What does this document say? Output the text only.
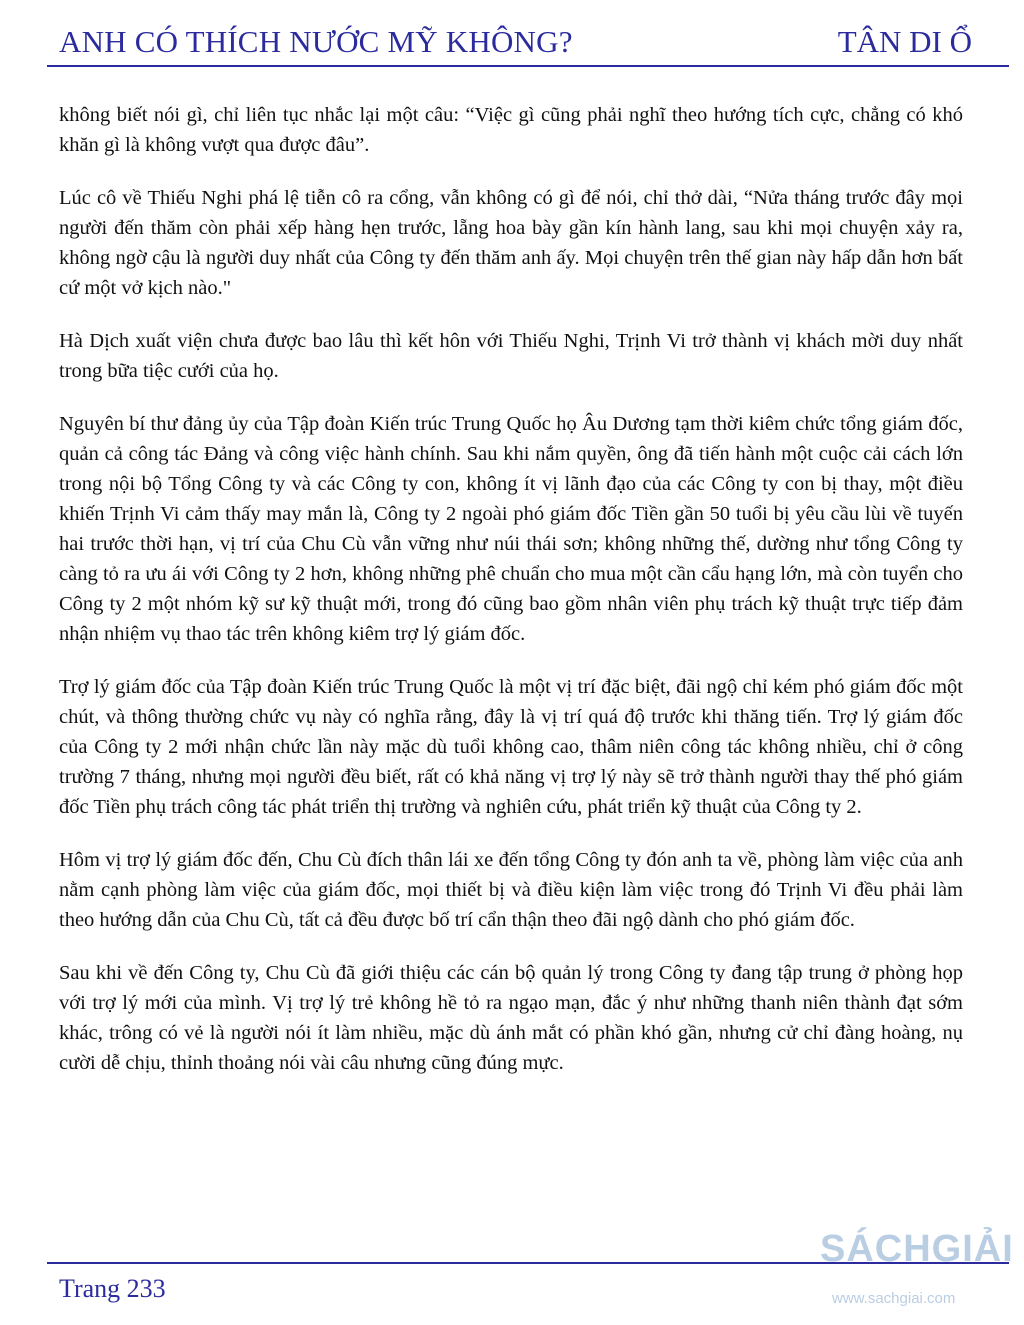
ANH CÓ THÍCH NƯỚC MỸ KHÔNG?	TÂN DI Ổ

không biết nói gì, chỉ liên tục nhắc lại một câu: “Việc gì cũng phải nghĩ theo hướng tích cực, chẳng có khó khăn gì là không vượt qua được đâu”.

Lúc cô về Thiếu Nghi phá lệ tiễn cô ra cổng, vẫn không có gì để nói, chỉ thở dài, “Nửa tháng trước đây mọi người đến thăm còn phải xếp hàng hẹn trước, lẵng hoa bày gần kín hành lang, sau khi mọi chuyện xảy ra, không ngờ cậu là người duy nhất của Công ty đến thăm anh ấy. Mọi chuyện trên thế gian này hấp dẫn hơn bất cứ một vở kịch nào."

Hà Dịch xuất viện chưa được bao lâu thì kết hôn với Thiếu Nghi, Trịnh Vi trở thành vị khách mời duy nhất trong bữa tiệc cưới của họ.

Nguyên bí thư đảng ủy của Tập đoàn Kiến trúc Trung Quốc họ Âu Dương tạm thời kiêm chức tổng giám đốc, quản cả công tác Đảng và công việc hành chính. Sau khi nắm quyền, ông đã tiến hành một cuộc cải cách lớn trong nội bộ Tổng Công ty và các Công ty con, không ít vị lãnh đạo của các Công ty con bị thay, một điều khiến Trịnh Vi cảm thấy may mắn là, Công ty 2 ngoài phó giám đốc Tiền gần 50 tuổi bị yêu cầu lùi về tuyến hai trước thời hạn, vị trí của Chu Cù vẫn vững như núi thái sơn; không những thế, dường như tổng Công ty càng tỏ ra ưu ái với Công ty 2 hơn, không những phê chuẩn cho mua một cần cẩu hạng lớn, mà còn tuyển cho Công ty 2 một nhóm kỹ sư kỹ thuật mới, trong đó cũng bao gồm nhân viên phụ trách kỹ thuật trực tiếp đảm nhận nhiệm vụ thao tác trên không kiêm trợ lý giám đốc.

Trợ lý giám đốc của Tập đoàn Kiến trúc Trung Quốc là một vị trí đặc biệt, đãi ngộ chỉ kém phó giám đốc một chút, và thông thường chức vụ này có nghĩa rằng, đây là vị trí quá độ trước khi thăng tiến. Trợ lý giám đốc của Công ty 2 mới nhận chức lần này mặc dù tuổi không cao, thâm niên công tác không nhiều, chỉ ở công trường 7 tháng, nhưng mọi người đều biết, rất có khả năng vị trợ lý này sẽ trở thành người thay thế phó giám đốc Tiền phụ trách công tác phát triển thị trường và nghiên cứu, phát triển kỹ thuật của Công ty 2.

Hôm vị trợ lý giám đốc đến, Chu Cù đích thân lái xe đến tổng Công ty đón anh ta về, phòng làm việc của anh nằm cạnh phòng làm việc của giám đốc, mọi thiết bị và điều kiện làm việc trong đó Trịnh Vi đều phải làm theo hướng dẫn của Chu Cù, tất cả đều được bố trí cẩn thận theo đãi ngộ dành cho phó giám đốc.

Sau khi về đến Công ty, Chu Cù đã giới thiệu các cán bộ quản lý trong Công ty đang tập trung ở phòng họp với trợ lý mới của mình. Vị trợ lý trẻ không hề tỏ ra ngạo mạn, đắc ý như những thanh niên thành đạt sớm khác, trông có vẻ là người nói ít làm nhiều, mặc dù ánh mắt có phần khó gần, nhưng cử chỉ đàng hoàng, nụ cười dễ chịu, thỉnh thoảng nói vài câu nhưng cũng đúng mực.

Trang 233
SÁCHGIẢI
www.sachgiai.com
